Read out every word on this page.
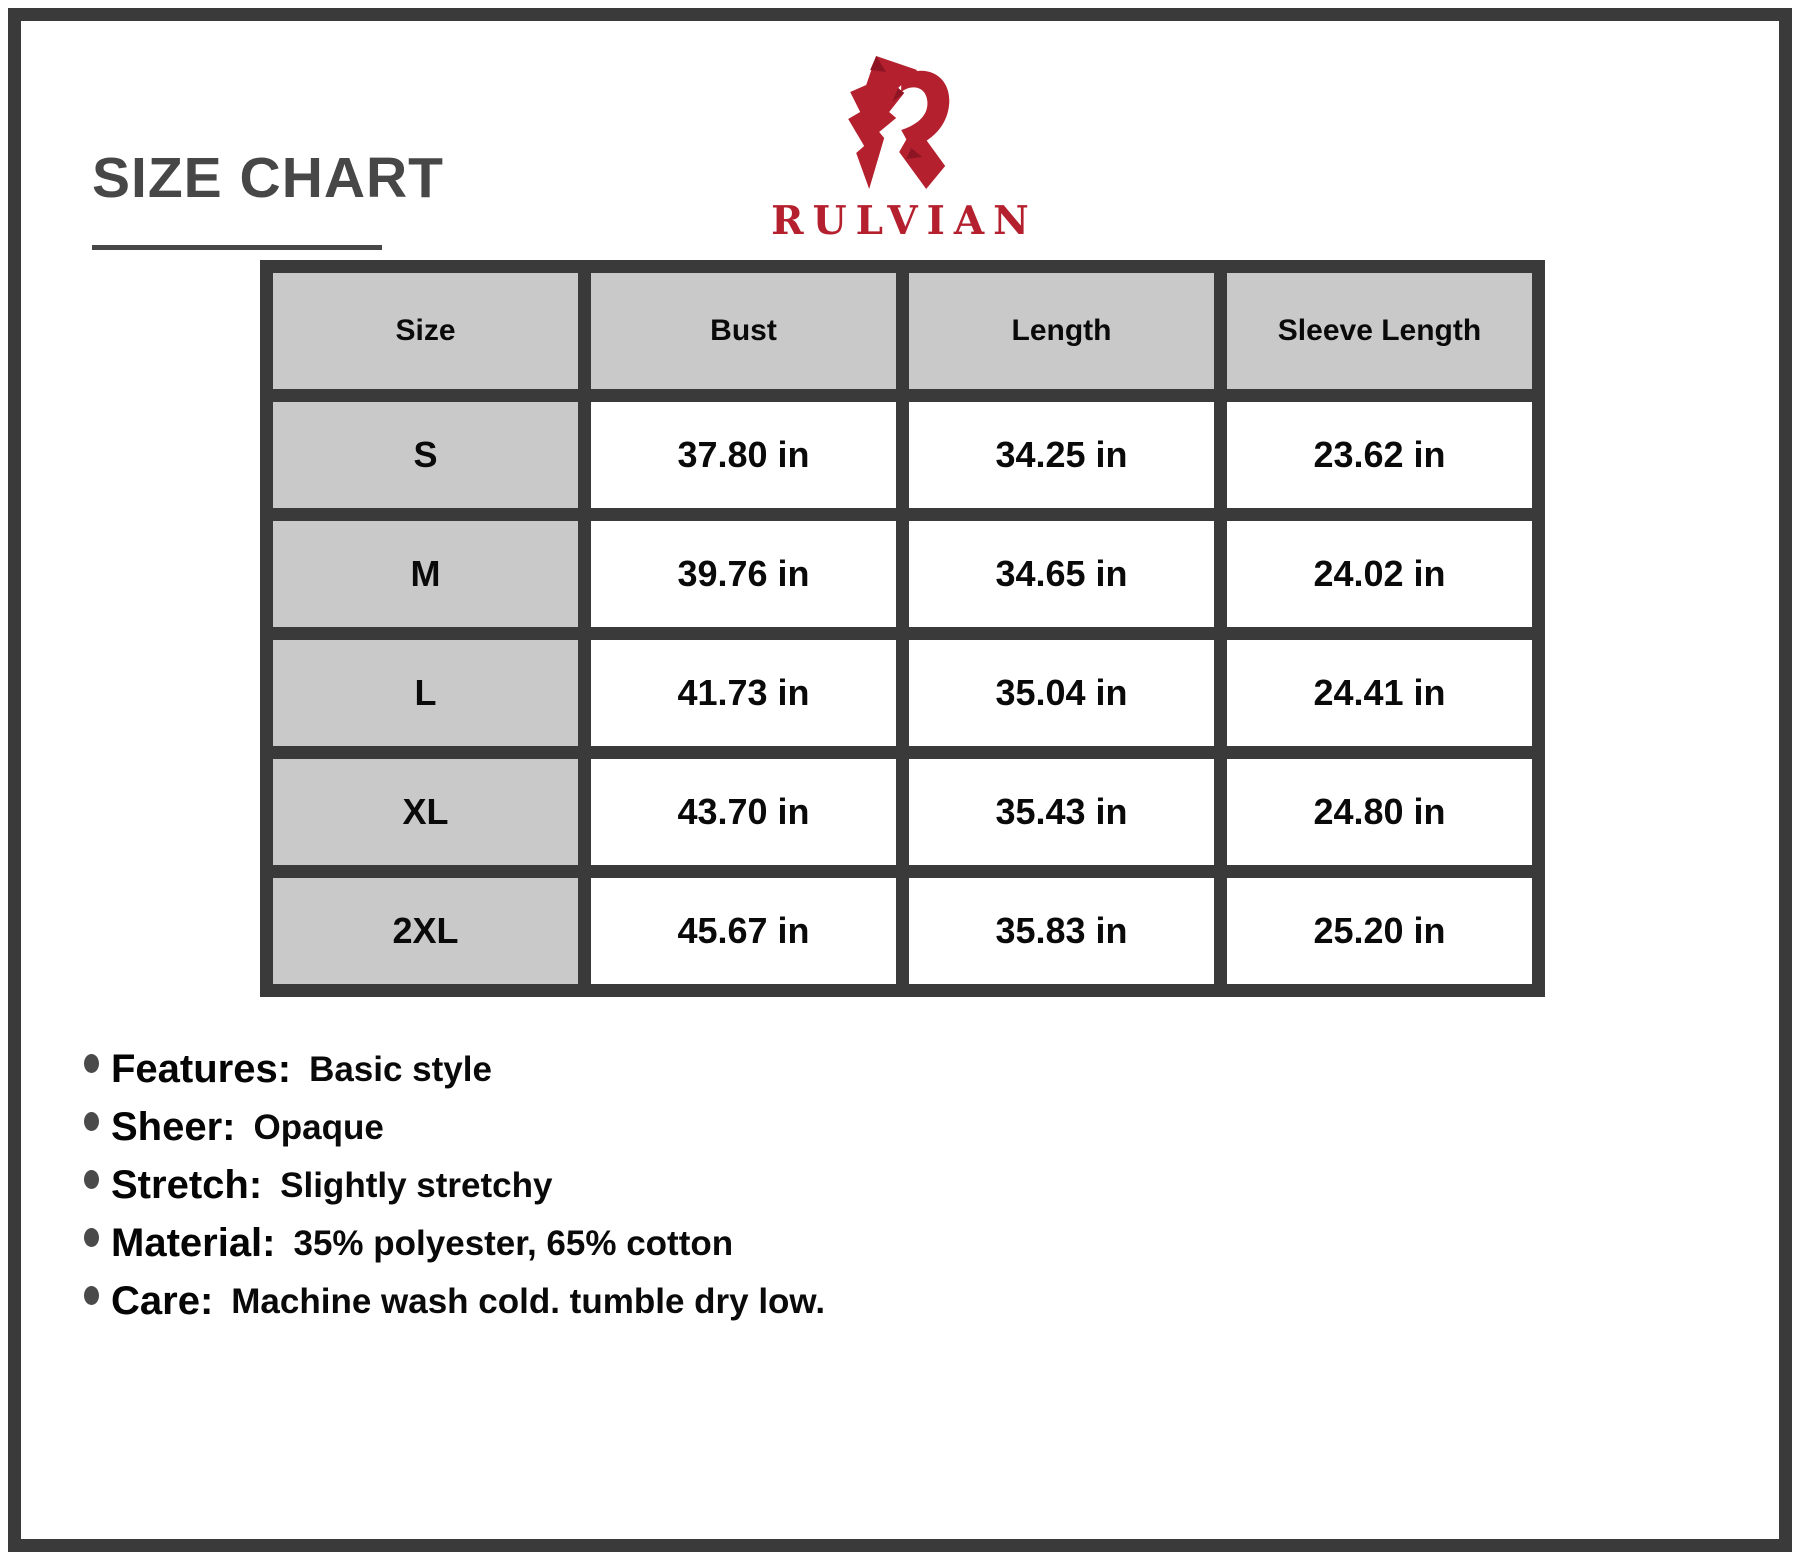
SIZE CHART
RULVIAN
Size	Bust	Length	Sleeve Length
S	37.80 in	34.25 in	23.62 in
M	39.76 in	34.65 in	24.02 in
L	41.73 in	35.04 in	24.41 in
XL	43.70 in	35.43 in	24.80 in
2XL	45.67 in	35.83 in	25.20 in
Features: Basic style
Sheer: Opaque
Stretch: Slightly stretchy
Material: 35% polyester, 65% cotton
Care: Machine wash cold. tumble dry low.
